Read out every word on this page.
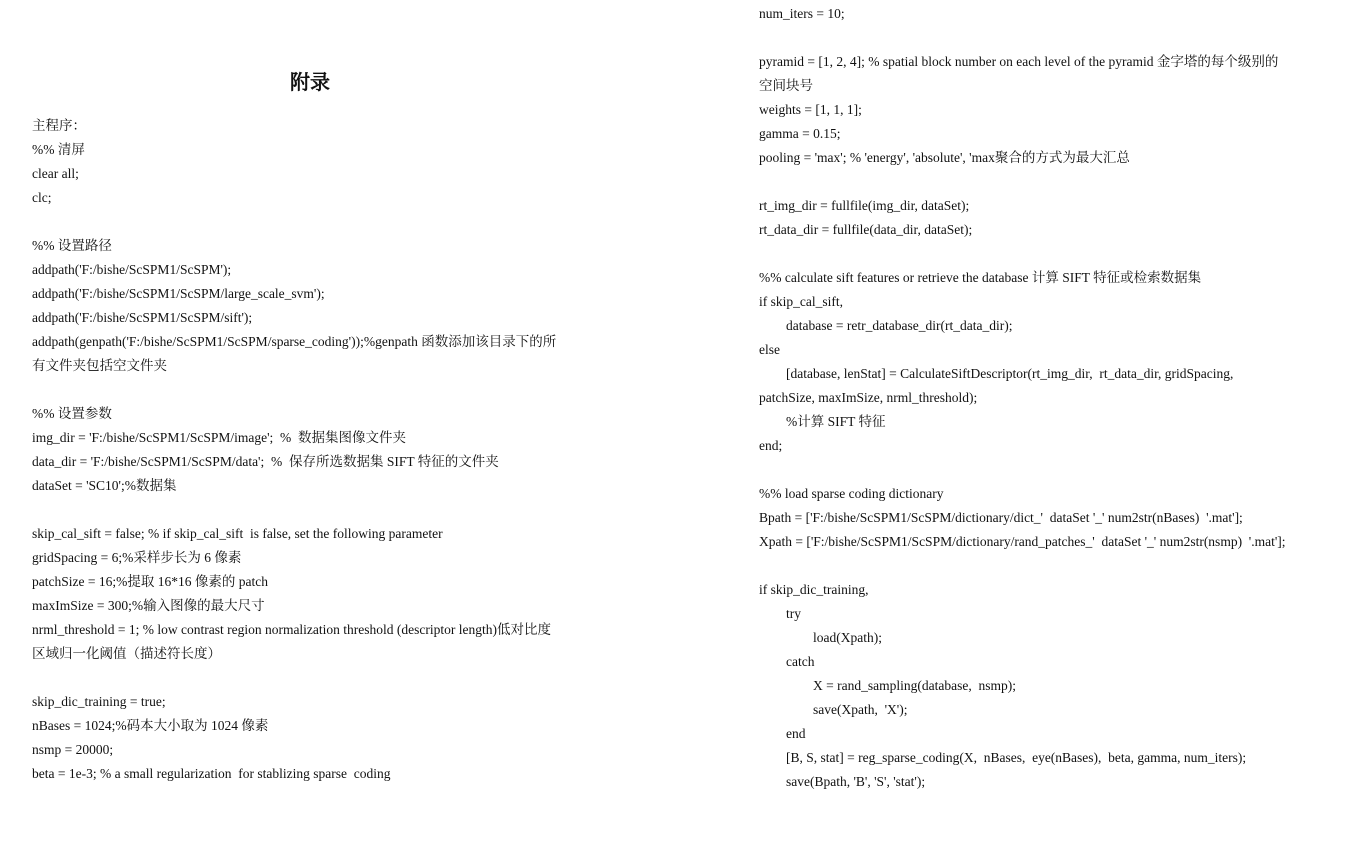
附录
主程序：
%% 清屏
clear all;
clc;
%% 设置路径
addpath('F:/bishe/ScSPM1/ScSPM');
addpath('F:/bishe/ScSPM1/ScSPM/large_scale_svm');
addpath('F:/bishe/ScSPM1/ScSPM/sift');
addpath(genpath('F:/bishe/ScSPM1/ScSPM/sparse_coding'));%genpath 函数添加该目录下的所
有文件夹包括空文件夹
%% 设置参数
img_dir = 'F:/bishe/ScSPM1/ScSPM/image';  %  数据集图像文件夹
data_dir = 'F:/bishe/ScSPM1/ScSPM/data';  %  保存所选数据集 SIFT 特征的文件夹
dataSet = 'SC10';%数据集
skip_cal_sift = false; % if skip_cal_sift  is false, set the following parameter
gridSpacing = 6;%采样步长为 6 像素
patchSize = 16;%提取 16*16 像素的 patch
maxImSize = 300;%输入图像的最大尺寸
nrml_threshold = 1; % low contrast region normalization threshold (descriptor length)低对比度
区域归一化阈值（描述符长度）
skip_dic_training = true;
nBases = 1024;%码本大小取为 1024 像素
nsmp = 20000;
beta = 1e-3; % a small regularization  for stablizing sparse  coding
num_iters = 10;
pyramid = [1, 2, 4]; % spatial block number on each level of the pyramid 金字塔的每个级别的
空间块号
weights = [1, 1, 1];
gamma = 0.15;
pooling = 'max'; % 'energy', 'absolute', 'max聚合的方式为最大汇总
rt_img_dir = fullfile(img_dir, dataSet);
rt_data_dir = fullfile(data_dir, dataSet);
%% calculate sift features or retrieve the database 计算 SIFT 特征或检索数据集
if skip_cal_sift,
database = retr_database_dir(rt_data_dir);
else
[database, lenStat] = CalculateSiftDescriptor(rt_img_dir,  rt_data_dir, gridSpacing,
patchSize, maxImSize, nrml_threshold);
%计算 SIFT 特征
end;
%% load sparse coding dictionary
Bpath = ['F:/bishe/ScSPM1/ScSPM/dictionary/dict_'  dataSet '_' num2str(nBases)  '.mat'];
Xpath = ['F:/bishe/ScSPM1/ScSPM/dictionary/rand_patches_'  dataSet '_' num2str(nsmp)  '.mat'];
if skip_dic_training,
try
load(Xpath);
catch
X = rand_sampling(database,  nsmp);
save(Xpath,  'X');
end
[B, S, stat] = reg_sparse_coding(X,  nBases,  eye(nBases),  beta, gamma, num_iters);
save(Bpath, 'B', 'S', 'stat');
